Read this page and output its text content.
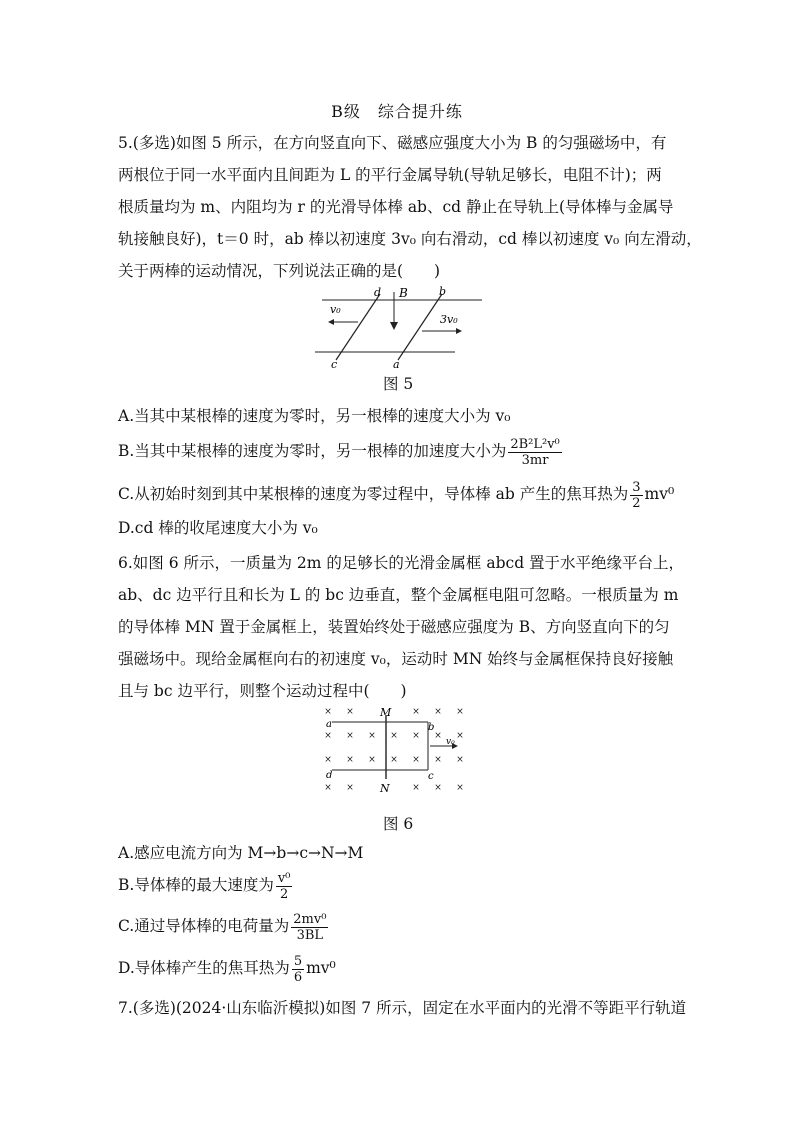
B级　综合提升练
5.(多选)如图 5 所示，在方向竖直向下、磁感应强度大小为 B 的匀强磁场中，有
两根位于同一水平面内且间距为 L 的平行金属导轨(导轨足够长，电阻不计)；两
根质量均为 m、内阻均为 r 的光滑导体棒 ab、cd 静止在导轨上(导体棒与金属导
轨接触良好)，t＝0 时，ab 棒以初速度 3v₀ 向右滑动，cd 棒以初速度 v₀ 向左滑动，
关于两棒的运动情况，下列说法正确的是(　　)
d B	b
v₀
3v₀
c	a
图 5
A.当其中某根棒的速度为零时，另一根棒的速度大小为 v₀
B.当其中某根棒的速度为零时，另一根棒的加速度大小为 $\frac{\text{2B²L²v⁰}}{3mr}$
C.从初始时刻到其中某根棒的速度为零过程中，导体棒 ab 产生的焦耳热为 $\frac{3}{2} mv^0$
D.cd 棒的收尾速度大小为 v₀
6.如图 6 所示，一质量为 2m 的足够长的光滑金属框 abcd 置于水平绝缘平台上，
ab、dc 边平行且和长为 L 的 bc 边垂直，整个金属框电阻可忽略。一根质量为 m
的导体棒 MN 置于金属框上，装置始终处于磁感应强度为 B、方向竖直向下的匀
强磁场中。现给金属框向右的初速度 v₀，运动时 MN 始终与金属框保持良好接触
且与 bc 边平行，则整个运动过程中(　　)
× ×	× × ×
× × × × × × ×
× × × × × × ×
× ×	× × ×
M
N
a	b
c
d
v₀
图 6
A.感应电流方向为 M→b→c→N→M
B.导体棒的最大速度为 $\frac{\text{v⁰}}{2}$
C.通过导体棒的电荷量为 $\frac{\text{2mv⁰}}{3BL}$
D.导体棒产生的焦耳热为 $\frac{5}{6} mv^0$
7.(多选)(2024·山东临沂模拟)如图 7 所示，固定在水平面内的光滑不等距平行轨道
